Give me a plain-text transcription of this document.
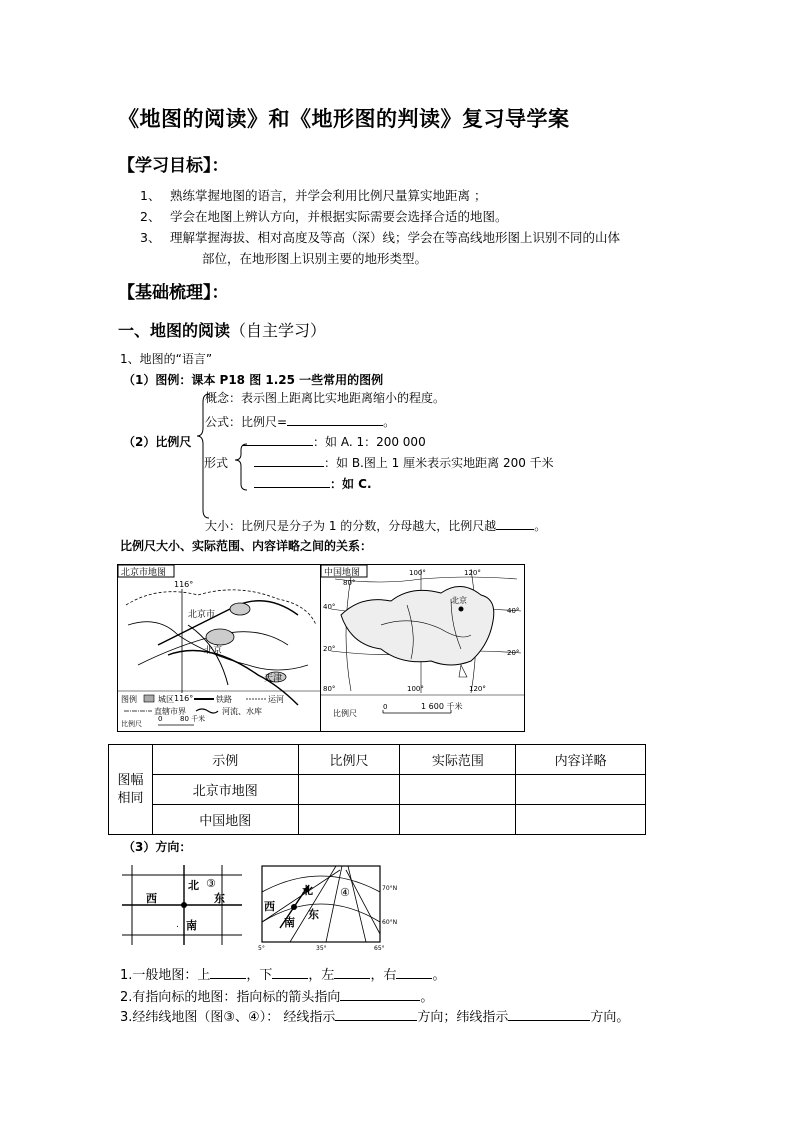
《地图的阅读》和《地形图的判读》复习导学案
【学习目标】：
1、 熟练掌握地图的语言，并学会利用比例尺量算实地距离 ；
2、 学会在地图上辨认方向，并根据实际需要会选择合适的地图。
3、 理解掌握海拔、相对高度及等高（深）线；学会在等高线地形图上识别不同的山体
部位，在地形图上识别主要的地形类型。
【基础梳理】：
一、地图的阅读（自主学习）
1、地图的“语言”
（1）图例：课本 P18 图 1.25 一些常用的图例
概念：表示图上距离比实地距离缩小的程度。
公式：比例尺=	。
（2）比例尺	：如 A. 1：200 000
形式	：如 B.图上 1 厘米表示实地距离 200 千米
：如 C.
大小：比例尺是分子为 1 的分数，分母越大，比例尺越	。
比例尺大小、实际范围、内容详略之间的关系：
北京市地图
116°
116°
北京市
北京
天津
图例	城区	铁路	运河
直辖市界	河流、水库
比例尺
0	80 千米
中国地图
北京
100°	120°
40°
20°
80°
40°
20°
100°	120°
80°
比例尺
0	1 600 千米
图幅相同	示例	比例尺	实际范围	内容详略
	北京市地图			
	中国地图			
（3）方向：
北 ③
西	东
南
.
北
西
东
南
④	70°N
60°N
5°	35°	65°
1.一般地图：上	，下	，左	，右	。
2.有指向标的地图：指向标的箭头指向	。
3.经纬线地图（图③、④）： 经线指示	方向；纬线指示	方向。
